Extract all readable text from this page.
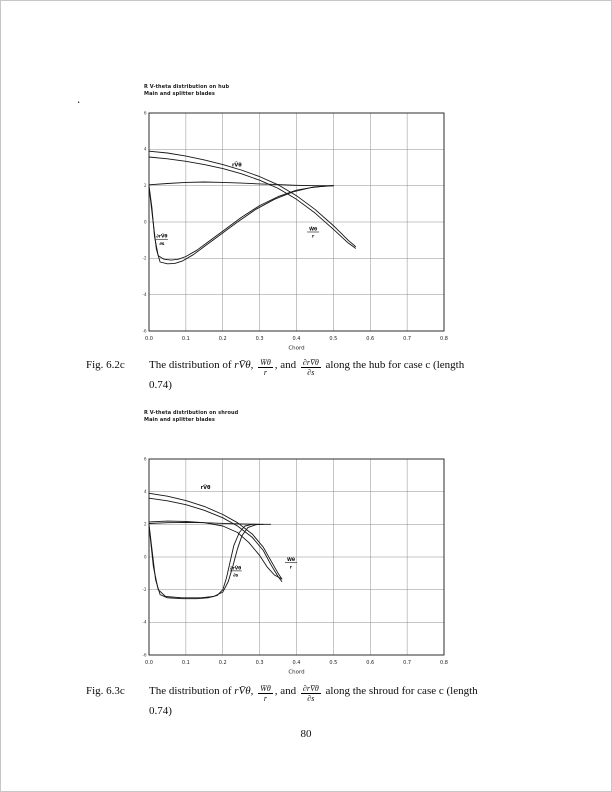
.
R V-theta distribution on hub
Main and splitter blades
6
4
2
0
-2
-4
-6
0.0	0.1	0.2	0.3	0.4	0.5	0.6	0.7	0.8
Chord
rV̄θ
W̄θ
r
∂rV̄θ
∂s
Fig. 6.2c The distribution of rV̄θ, $\frac{W̄\theta}{r}$ , and $\frac{\partial rV̄\theta}{\partial s}$ along the hub for case c (length
0.74)
R V-theta distribution on shroud
Main and splitter blades
6
4
2
0
-2
-4
-6
0.0	0.1	0.2	0.3	0.4	0.5	0.6	0.7	0.8
Chord
rV̄θ
W̄θ
r
∂rV̄θ
∂s
Fig. 6.3c The distribution of rV̄θ, $\frac{W̄\theta}{r}$ , and $\frac{\partial rV̄\theta}{\partial s}$ along the shroud for case c (length
0.74)
80
